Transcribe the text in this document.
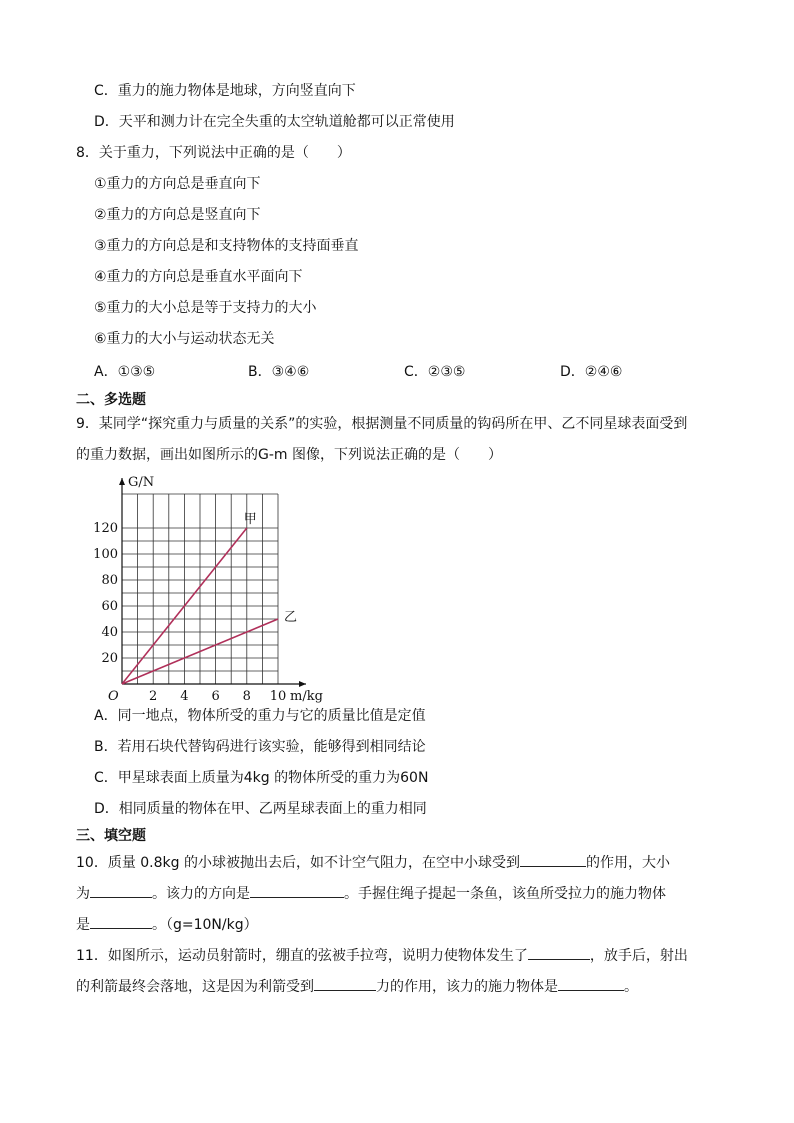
C．重力的施力物体是地球，方向竖直向下
D．天平和测力计在完全失重的太空轨道舱都可以正常使用
8．关于重力，下列说法中正确的是（　　）
①重力的方向总是垂直向下
②重力的方向总是竖直向下
③重力的方向总是和支持物体的支持面垂直
④重力的方向总是垂直水平面向下
⑤重力的大小总是等于支持力的大小
⑥重力的大小与运动状态无关
A．①③⑤	B．③④⑥	C．②③⑤	D．②④⑥
二、多选题
9．某同学“探究重力与质量的关系”的实验，根据测量不同质量的钩码所在甲、乙不同星球表面受到
的重力数据，画出如图所示的G-m 图像，下列说法正确的是（　　）
甲
乙
2 4 6 8 10
20
40
60
80
100
120
O
G/N
m/kg
A．同一地点，物体所受的重力与它的质量比值是定值
B．若用石块代替钩码进行该实验，能够得到相同结论
C．甲星球表面上质量为4kg 的物体所受的重力为60N
D．相同质量的物体在甲、乙两星球表面上的重力相同
三、填空题
10．质量 0.8kg 的小球被抛出去后，如不计空气阻力，在空中小球受到	的作用，大小
为	。该力的方向是	。手握住绳子提起一条鱼，该鱼所受拉力的施力物体
是	。（g=10N/kg）
11．如图所示，运动员射箭时，绷直的弦被手拉弯，说明力使物体发生了	，放手后，射出
的利箭最终会落地，这是因为利箭受到	力的作用，该力的施力物体是	。
